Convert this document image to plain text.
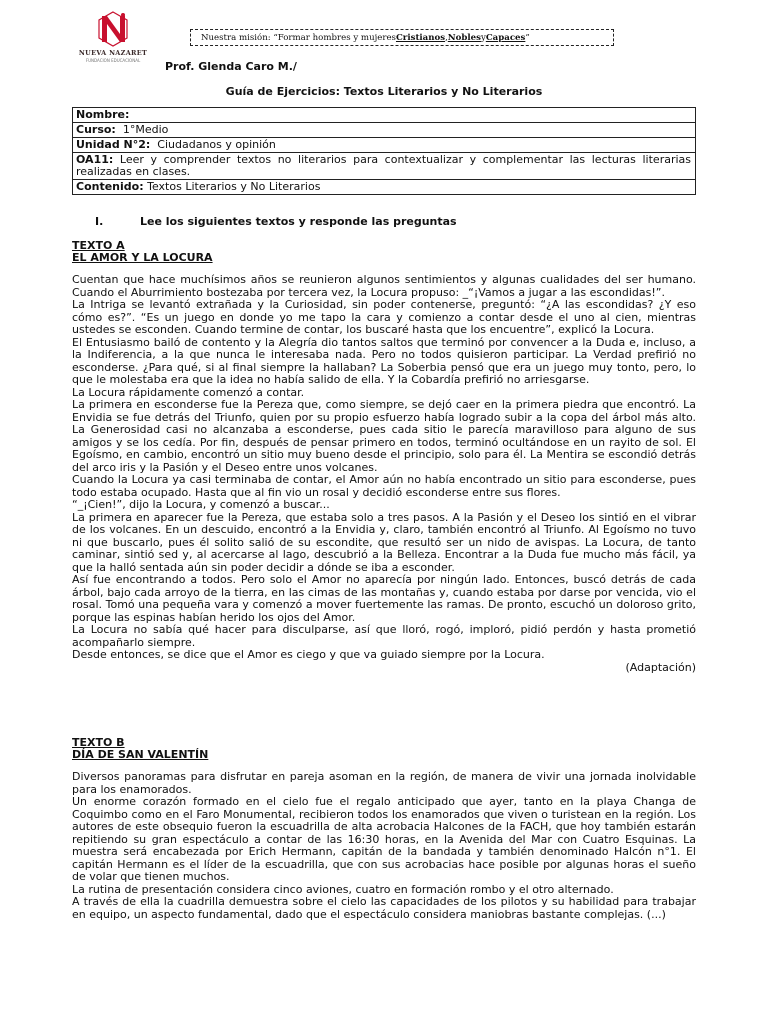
NUEVA NAZARET
FUNDACION EDUCACIONAL
Nuestra misión: “Formar hombres y mujeres Cristianos , Nobles y Capaces ”
Prof. Glenda Caro M./
Guía de Ejercicios: Textos Literarios y No Literarios
Nombre:
Curso: 1°Medio
Unidad N°2: Ciudadanos y opinión
OA11: Leer y comprender textos no literarios para contextualizar y complementar las lecturas literarias realizadas en clases.
Contenido: Textos Literarios y No Literarios
I.	Lee los siguientes textos y responde las preguntas
TEXTO A
EL AMOR Y LA LOCURA

Cuentan que hace muchísimos años se reunieron algunos sentimientos y algunas cualidades del ser humano. Cuando el Aburrimiento bostezaba por tercera vez, la Locura propuso: _“¡Vamos a jugar a las escondidas!”.

La Intriga se levantó extrañada y la Curiosidad, sin poder contenerse, preguntó: “¿A las escondidas? ¿Y eso cómo es?”. “Es un juego en donde yo me tapo la cara y comienzo a contar desde el uno al cien, mientras ustedes se esconden. Cuando termine de contar, los buscaré hasta que los encuentre”, explicó la Locura.

El Entusiasmo bailó de contento y la Alegría dio tantos saltos que terminó por convencer a la Duda e, incluso, a la Indiferencia, a la que nunca le interesaba nada. Pero no todos quisieron participar. La Verdad prefirió no esconderse. ¿Para qué, si al final siempre la hallaban? La Soberbia pensó que era un juego muy tonto, pero, lo que le molestaba era que la idea no había salido de ella. Y la Cobardía prefirió no arriesgarse.

La Locura rápidamente comenzó a contar.

La primera en esconderse fue la Pereza que, como siempre, se dejó caer en la primera piedra que encontró. La Envidia se fue detrás del Triunfo, quien por su propio esfuerzo había logrado subir a la copa del árbol más alto. La Generosidad casi no alcanzaba a esconderse, pues cada sitio le parecía maravilloso para alguno de sus amigos y se los cedía. Por fin, después de pensar primero en todos, terminó ocultándose en un rayito de sol. El Egoísmo, en cambio, encontró un sitio muy bueno desde el principio, solo para él. La Mentira se escondió detrás del arco iris y la Pasión y el Deseo entre unos volcanes.

Cuando la Locura ya casi terminaba de contar, el Amor aún no había encontrado un sitio para esconderse, pues todo estaba ocupado. Hasta que al fin vio un rosal y decidió esconderse entre sus flores.

“_¡Cien!”, dijo la Locura, y comenzó a buscar...

La primera en aparecer fue la Pereza, que estaba solo a tres pasos. A la Pasión y el Deseo los sintió en el vibrar de los volcanes. En un descuido, encontró a la Envidia y, claro, también encontró al Triunfo. Al Egoísmo no tuvo ni que buscarlo, pues él solito salió de su escondite, que resultó ser un nido de avispas. La Locura, de tanto caminar, sintió sed y, al acercarse al lago, descubrió a la Belleza. Encontrar a la Duda fue mucho más fácil, ya que la halló sentada aún sin poder decidir a dónde se iba a esconder.

Así fue encontrando a todos. Pero solo el Amor no aparecía por ningún lado. Entonces, buscó detrás de cada árbol, bajo cada arroyo de la tierra, en las cimas de las montañas y, cuando estaba por darse por vencida, vio el rosal. Tomó una pequeña vara y comenzó a mover fuertemente las ramas. De pronto, escuchó un doloroso grito, porque las espinas habían herido los ojos del Amor.

La Locura no sabía qué hacer para disculparse, así que lloró, rogó, imploró, pidió perdón y hasta prometió acompañarlo siempre.

Desde entonces, se dice que el Amor es ciego y que va guiado siempre por la Locura.

(Adaptación)

TEXTO B
DÍA DE SAN VALENTÍN

Diversos panoramas para disfrutar en pareja asoman en la región, de manera de vivir una jornada inolvidable para los enamorados.

Un enorme corazón formado en el cielo fue el regalo anticipado que ayer, tanto en la playa Changa de Coquimbo como en el Faro Monumental, recibieron todos los enamorados que viven o turistean en la región. Los autores de este obsequio fueron la escuadrilla de alta acrobacia Halcones de la FACH, que hoy también estarán repitiendo su gran espectáculo a contar de las 16:30 horas, en la Avenida del Mar con Cuatro Esquinas. La muestra será encabezada por Erich Hermann, capitán de la bandada y también denominado Halcón n°1. El capitán Hermann es el líder de la escuadrilla, que con sus acrobacias hace posible por algunas horas el sueño de volar que tienen muchos.

La rutina de presentación considera cinco aviones, cuatro en formación rombo y el otro alternado.

A través de ella la cuadrilla demuestra sobre el cielo las capacidades de los pilotos y su habilidad para trabajar en equipo, un aspecto fundamental, dado que el espectáculo considera maniobras bastante complejas. (...)
